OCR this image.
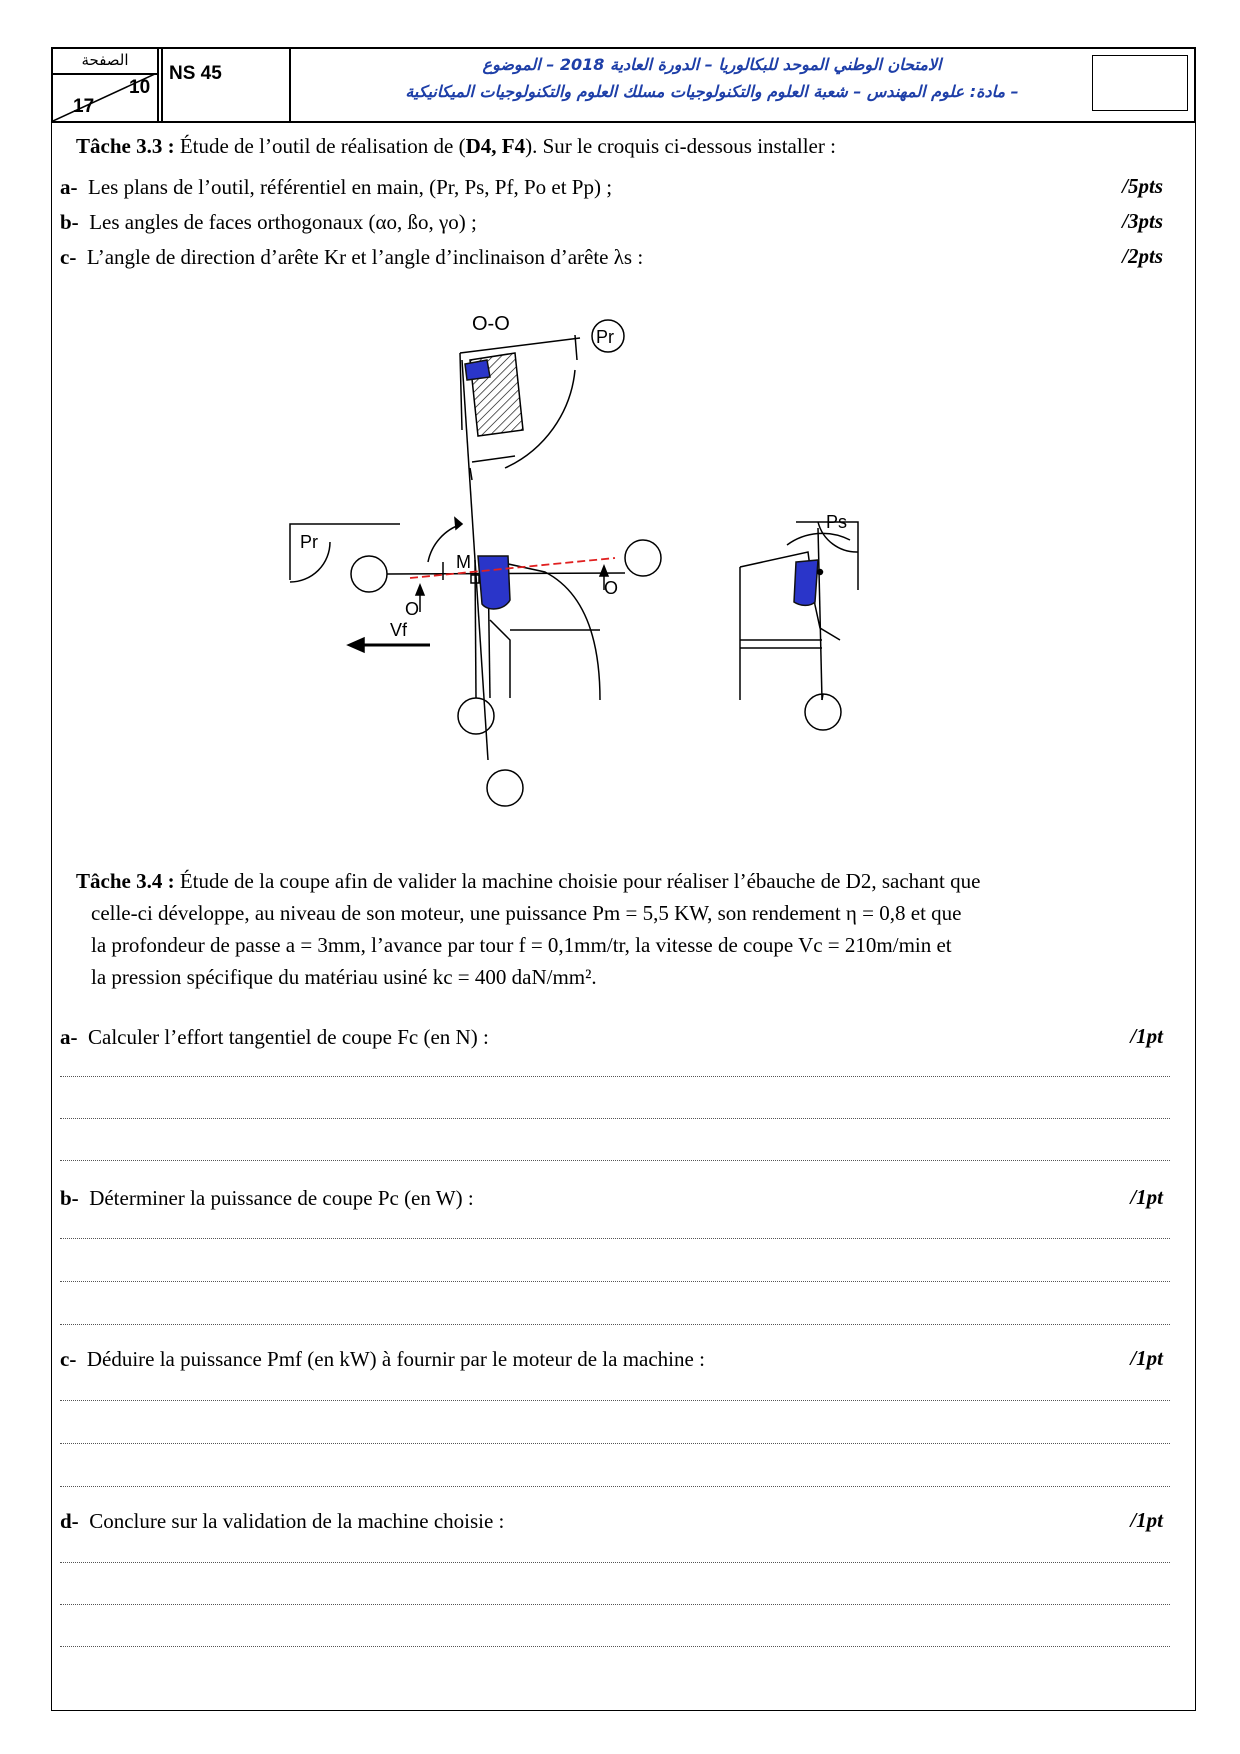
الصفحة
10
17
NS 45	الامتحان الوطني الموحد للبكالوريا – الدورة العادية 2018 – الموضوع
– مادة: علوم المهندس – شعبة العلوم والتكنولوجيات مسلك العلوم والتكنولوجيات الميكانيكية
Tâche 3.3 : Étude de l’outil de réalisation de (D4, F4). Sur le croquis ci-dessous installer :
a- Les plans de l’outil, référentiel en main, (Pr, Ps, Pf, Po et Pp) ;	/5pts
b- Les angles de faces orthogonaux (αo, ßo, γo) ;	/3pts
c- L’angle de direction d’arête Kr et l’angle d’inclinaison d’arête λs :	/2pts
O-O
Pr
Pr
M
O
O
Vf
Ps
Tâche 3.4 : Étude de la coupe afin de valider la machine choisie pour réaliser l’ébauche de D2, sachant que
celle-ci développe, au niveau de son moteur, une puissance Pm = 5,5 KW, son rendement η = 0,8 et que
la profondeur de passe a = 3mm, l’avance par tour f = 0,1mm/tr, la vitesse de coupe Vc = 210m/min et
la pression spécifique du matériau usiné kc = 400 daN/mm².
a- Calculer l’effort tangentiel de coupe Fc (en N) :	/1pt
b- Déterminer la puissance de coupe Pc (en W) :	/1pt
c- Déduire la puissance Pmf (en kW) à fournir par le moteur de la machine :	/1pt
d- Conclure sur la validation de la machine choisie :	/1pt
